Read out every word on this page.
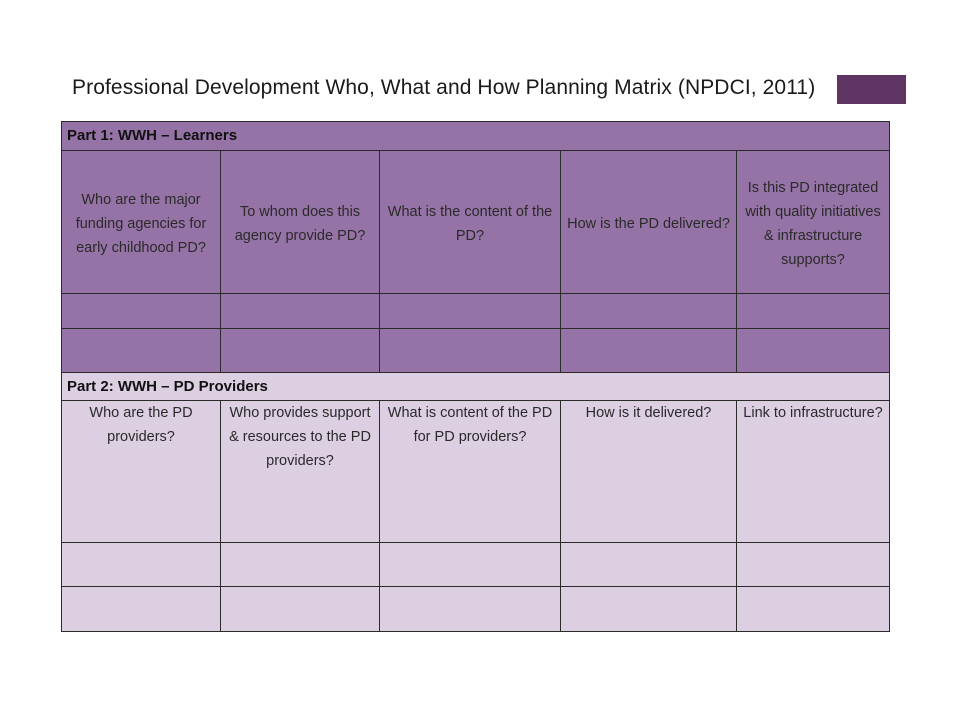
Professional Development Who, What and How Planning Matrix (NPDCI, 2011)
Part 1: WWH – Learners				
Who are the major funding agencies for early childhood PD?	To whom does this agency provide PD?	What is the content of the PD?	How is the PD delivered?	Is this PD integrated with quality initiatives & infrastructure supports?

Part 2: WWH – PD Providers				
Who are the PD providers?	Who provides support & resources to the PD providers?	What is content of the PD for PD providers?	How is it delivered?	Link to infrastructure?
